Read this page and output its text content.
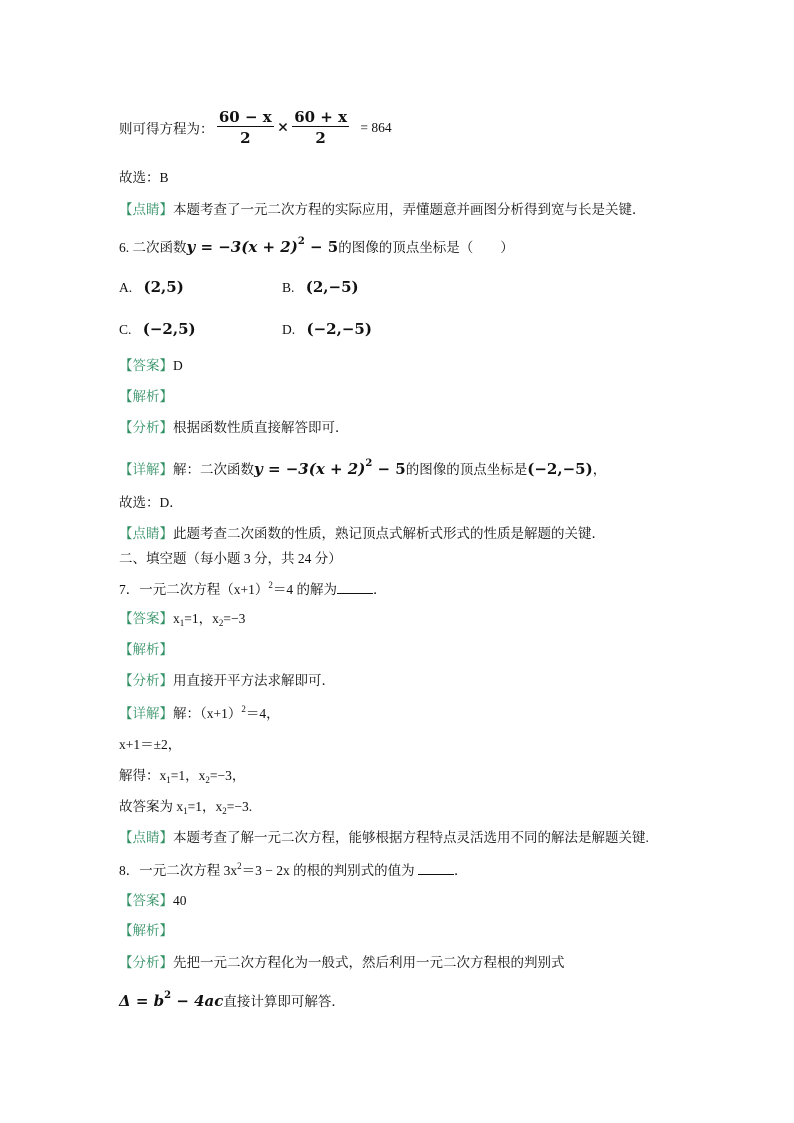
则可得方程为： $\frac{60 - x}{2} \times \frac{60 + x}{2} = 864$
故选：B
【点睛】本题考查了一元二次方程的实际应用，弄懂题意并画图分析得到宽与长是关键．
6. 二次函数$y = -3(x + 2)^2 - 5$的图像的顶点坐标是（　　）
A. (2,5)	B. (2,−5)
C. (−2,5)	D. (−2,−5)
【答案】D
【解析】
【分析】根据函数性质直接解答即可．
【详解】解：二次函数$y = -3(x + 2)^2 - 5$的图像的顶点坐标是(−2,−5)，
故选：D．
【点睛】此题考查二次函数的性质，熟记顶点式解析式形式的性质是解题的关键．
二、填空题（每小题 3 分，共 24 分）
7．一元二次方程$(x+1)^2=4$ 的解为	．
【答案】$x_1=1$，$x_2=-3$
【解析】
【分析】用直接开平方法求解即可．
【详解】解：$(x+1)^2=4$，
x+1＝±2，
解得：$x_1=1$，$x_2=-3$，
故答案为 $x_1=1$，$x_2=-3$.
【点睛】本题考查了解一元二次方程，能够根据方程特点灵活选用不同的解法是解题关键.
8．一元二次方程 $3x^2=3 - 2x$ 的根的判别式的值为	．
【答案】40
【解析】
【分析】先把一元二次方程化为一般式，然后利用一元二次方程根的判别式
$\Delta = b^2 - 4ac$直接计算即可解答．
